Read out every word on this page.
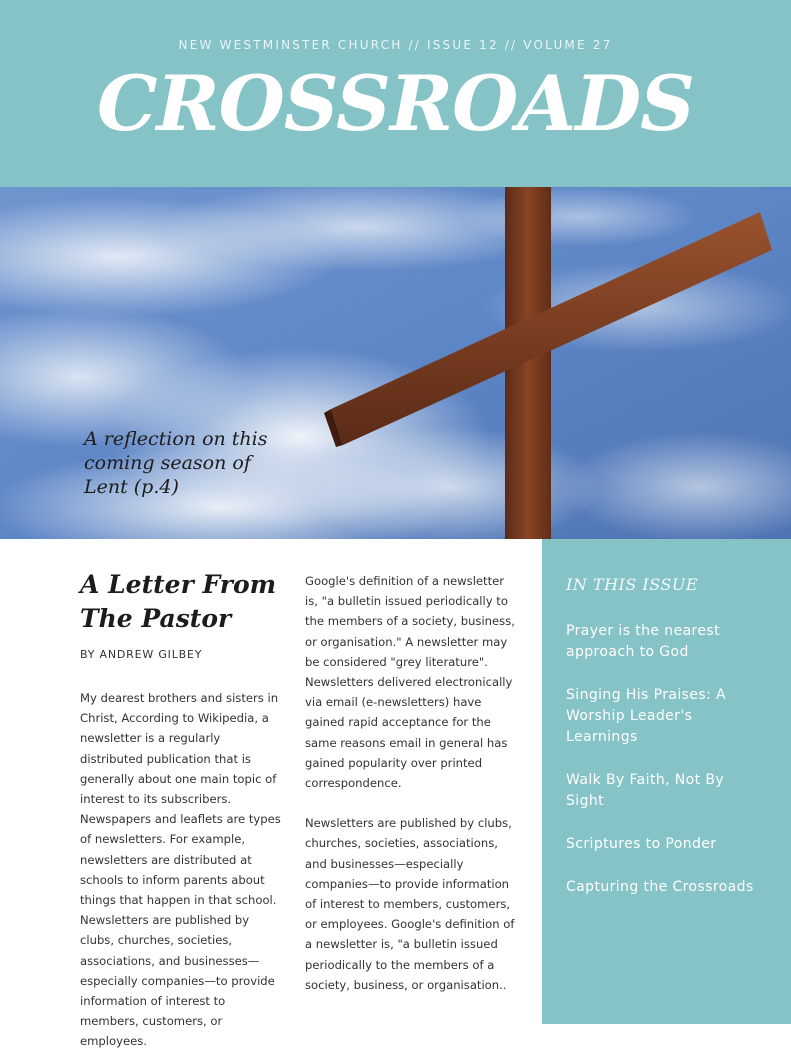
NEW WESTMINSTER CHURCH // ISSUE 12 // VOLUME 27
CROSSROADS
A reflection on this coming season of Lent (p.4)
A Letter From The Pastor
BY ANDREW GILBEY

My dearest brothers and sisters in Christ, According to Wikipedia, a newsletter is a regularly distributed publication that is generally about one main topic of interest to its subscribers. Newspapers and leaflets are types of newsletters. For example, newsletters are distributed at schools to inform parents about things that happen in that school. Newsletters are published by clubs, churches, societies, associations, and businesses—especially companies—to provide information of interest to members, customers, or employees.

Google's definition of a newsletter is, "a bulletin issued periodically to the members of a society, business, or organisation." A newsletter may be considered "grey literature". Newsletters delivered electronically via email (e-newsletters) have gained rapid acceptance for the same reasons email in general has gained popularity over printed correspondence.

Newsletters are published by clubs, churches, societies, associations, and businesses—especially companies—to provide information of interest to members, customers, or employees. Google's definition of a newsletter is, "a bulletin issued periodically to the members of a society, business, or organisation..

IN THIS ISSUE
Prayer is the nearest approach to God
Singing His Praises: A Worship Leader's Learnings
Walk By Faith, Not By Sight
Scriptures to Ponder
Capturing the Crossroads
